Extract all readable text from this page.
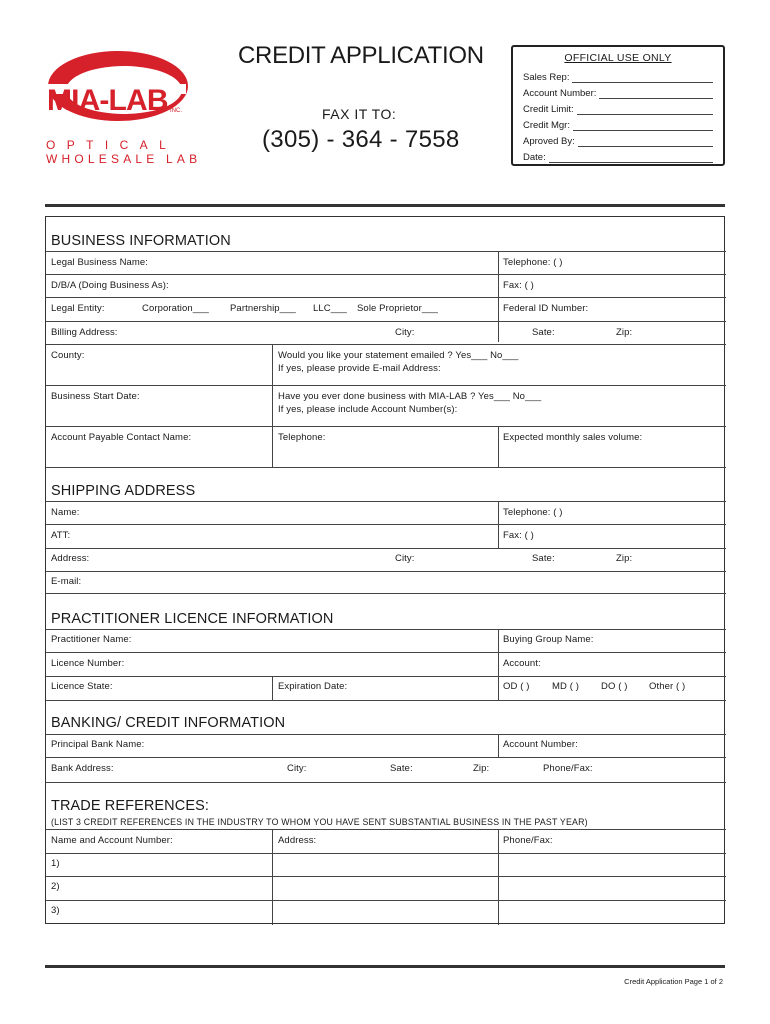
MIA-LAB INC.
OPTICAL
WHOLESALE LAB
CREDIT APPLICATION
FAX IT TO:
(305) - 364 - 7558
OFFICIAL USE ONLY
Sales Rep:
Account Number:
Credit Limit:
Credit Mgr:
Aproved By:
Date:
BUSINESS INFORMATION
Legal Business Name:	Telephone: ( )
D/B/A (Doing Business As):	Fax: ( )
Legal Entity:	Corporation___ Partnership___ LLC___ Sole Proprietor___	Federal ID Number:
Billing Address:	City:	Sate:	Zip:
County:	Would you like your statement emailed ? Yes___ No___
If yes, please provide E-mail Address:
Business Start Date:	Have you ever done business with MIA-LAB ? Yes___ No___
If yes, please include Account Number(s):
Account Payable Contact Name:	Telephone:	Expected monthly sales volume:
SHIPPING ADDRESS
Name:	Telephone: ( )
ATT:	Fax: ( )
Address:	City:	Sate:	Zip:
E-mail:
PRACTITIONER LICENCE INFORMATION
Practitioner Name:	Buying Group Name:
Licence Number:	Account:
Licence State:	Expiration Date:	OD ( ) MD ( ) DO ( ) Other ( )
BANKING/ CREDIT INFORMATION
Principal Bank Name:	Account Number:
Bank Address:	City:	Sate:	Zip:	Phone/Fax:
TRADE REFERENCES:
(LIST 3 CREDIT REFERENCES IN THE INDUSTRY TO WHOM YOU HAVE SENT SUBSTANTIAL BUSINESS IN THE PAST YEAR)
Name and Account Number:	Address:	Phone/Fax:
1)
2)
3)
Credit Application Page 1 of 2
